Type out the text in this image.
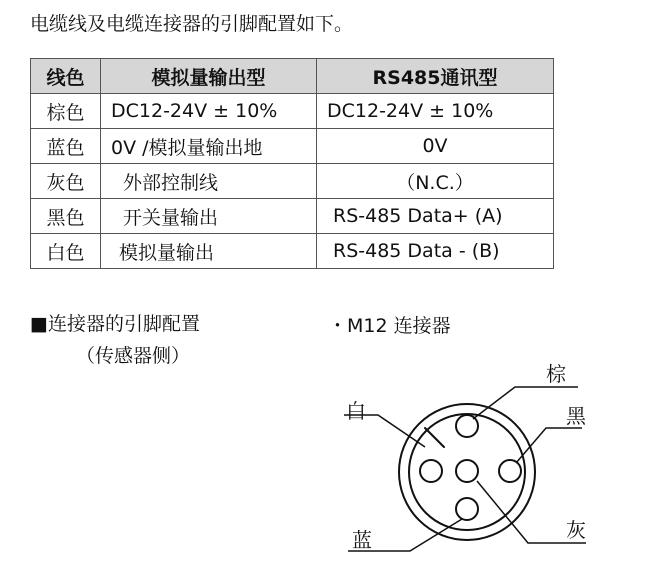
电缆线及电缆连接器的引脚配置如下。
线色	模拟量输出型	RS485通讯型
棕色	DC12-24V ± 10%	DC12-24V ± 10%
蓝色	0V /模拟量输出地	0V
灰色	外部控制线	（N.C.）
黑色	开关量输出	RS-485 Data+ (A)
白色	模拟量输出	RS-485 Data - (B)
■连接器的引脚配置
（传感器侧）
・M12 连接器
棕
白	黑
蓝	灰
